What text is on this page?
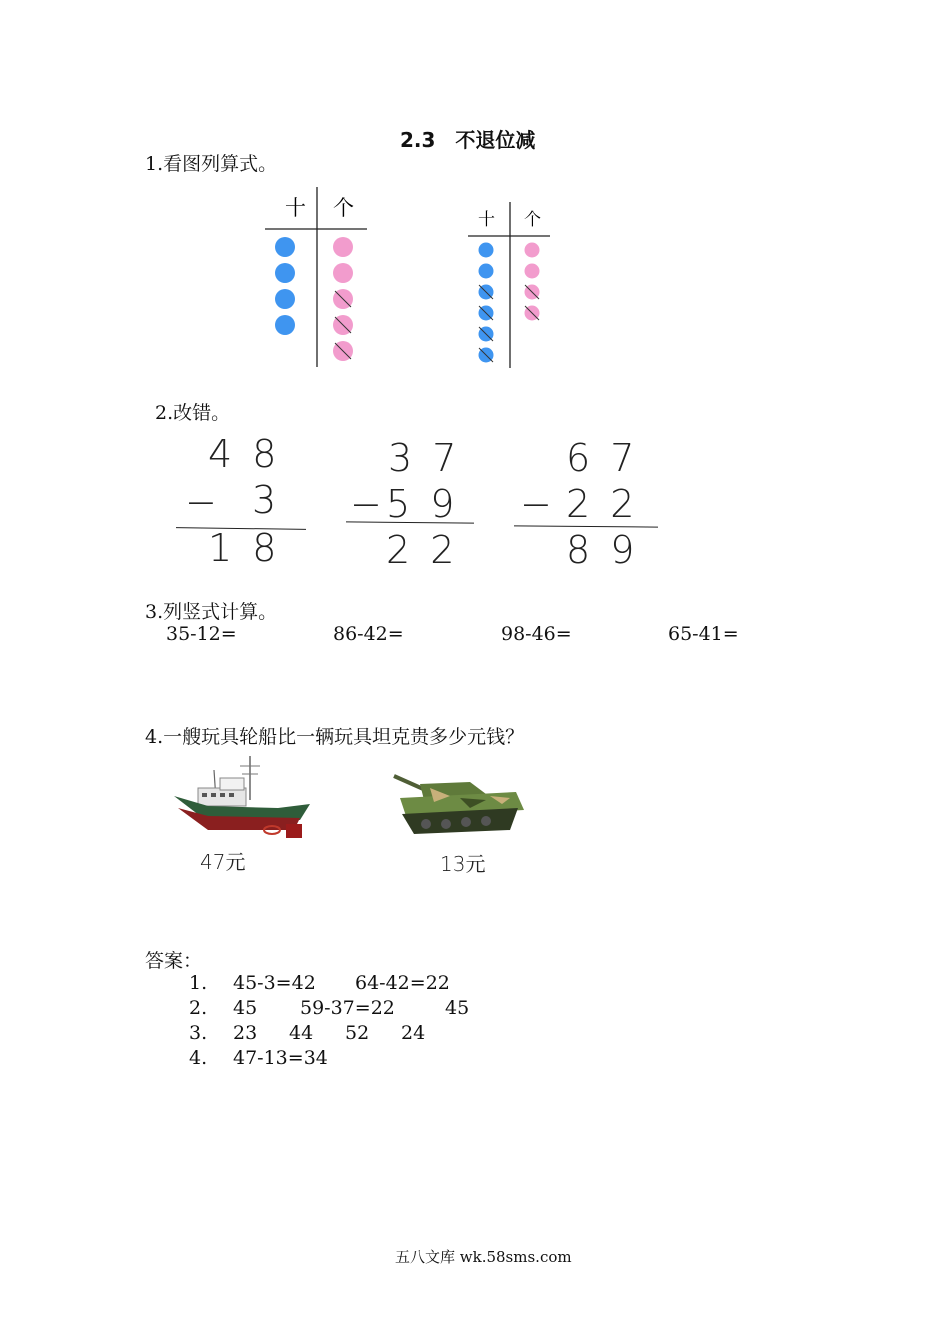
2.3　不退位减
1.看图列算式。
十 个	十 个
2.改错。
4 8
− 3
1 8
3 7
− 5 9
2 2
6 7
− 2 2
8 9
3.列竖式计算。
35-12=	86-42=	98-46=	65-41=
4.一艘玩具轮船比一辆玩具坦克贵多少元钱？
47元	13元
答案：
1. 45-3=42 64-42=22
2. 45 59-37=22	45
3. 23 44 52 24
4. 47-13=34
五八文库 wk.58sms.com
